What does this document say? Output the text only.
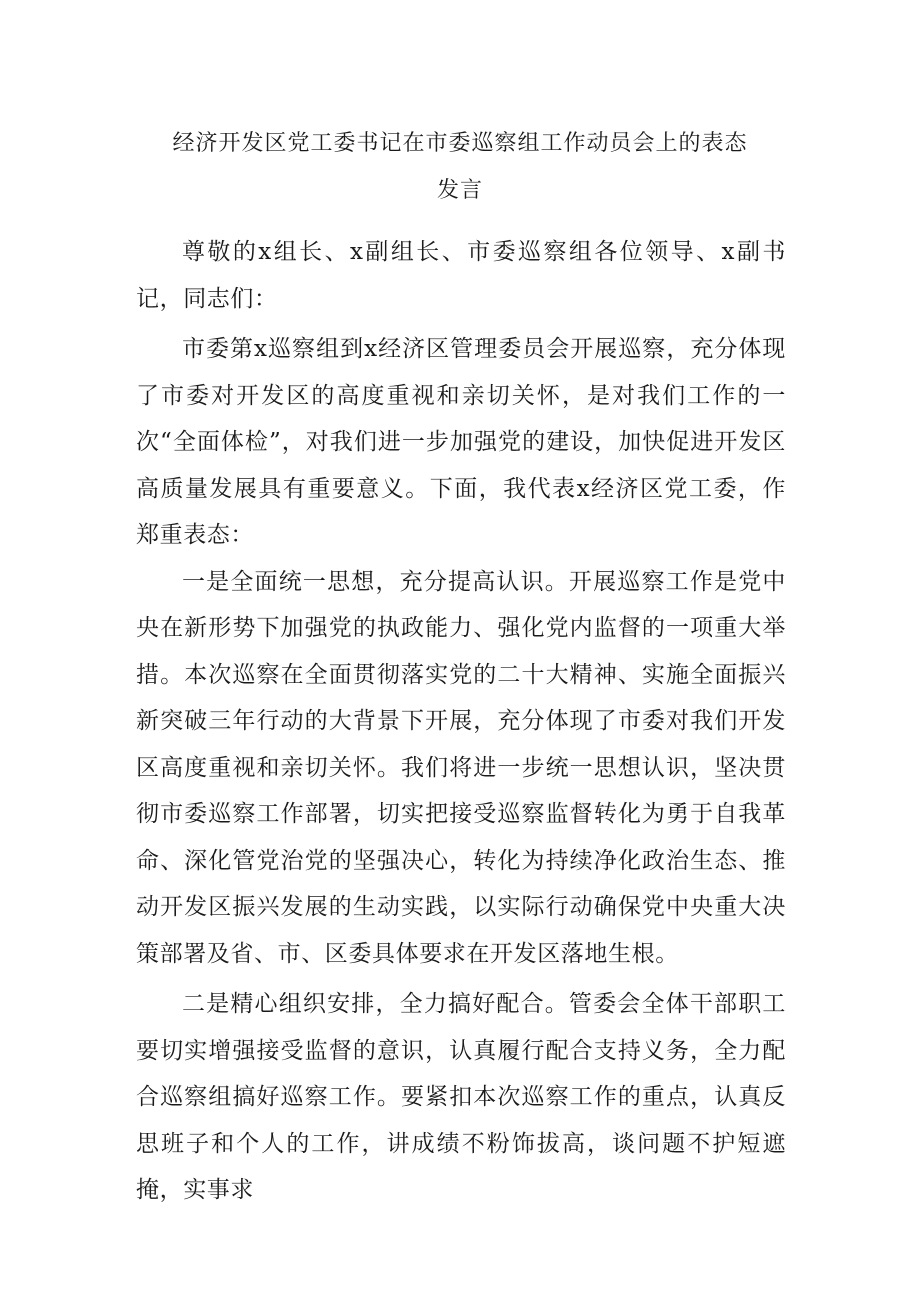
经济开发区党工委书记在市委巡察组工作动员会上的表态
发言

尊敬的x组长、x副组长、市委巡察组各位领导、x副书记，同志们：

市委第x巡察组到x经济区管理委员会开展巡察，充分体现了市委对开发区的高度重视和亲切关怀，是对我们工作的一次“全面体检”，对我们进一步加强党的建设，加快促进开发区高质量发展具有重要意义。下面，我代表x经济区党工委，作郑重表态：

一是全面统一思想，充分提高认识。开展巡察工作是党中央在新形势下加强党的执政能力、强化党内监督的一项重大举措。本次巡察在全面贯彻落实党的二十大精神、实施全面振兴新突破三年行动的大背景下开展，充分体现了市委对我们开发区高度重视和亲切关怀。我们将进一步统一思想认识，坚决贯彻市委巡察工作部署，切实把接受巡察监督转化为勇于自我革命、深化管党治党的坚强决心，转化为持续净化政治生态、推动开发区振兴发展的生动实践，以实际行动确保党中央重大决策部署及省、市、区委具体要求在开发区落地生根。

二是精心组织安排，全力搞好配合。管委会全体干部职工要切实增强接受监督的意识，认真履行配合支持义务，全力配合巡察组搞好巡察工作。要紧扣本次巡察工作的重点，认真反思班子和个人的工作，讲成绩不粉饰拔高，谈问题不护短遮掩，实事求
